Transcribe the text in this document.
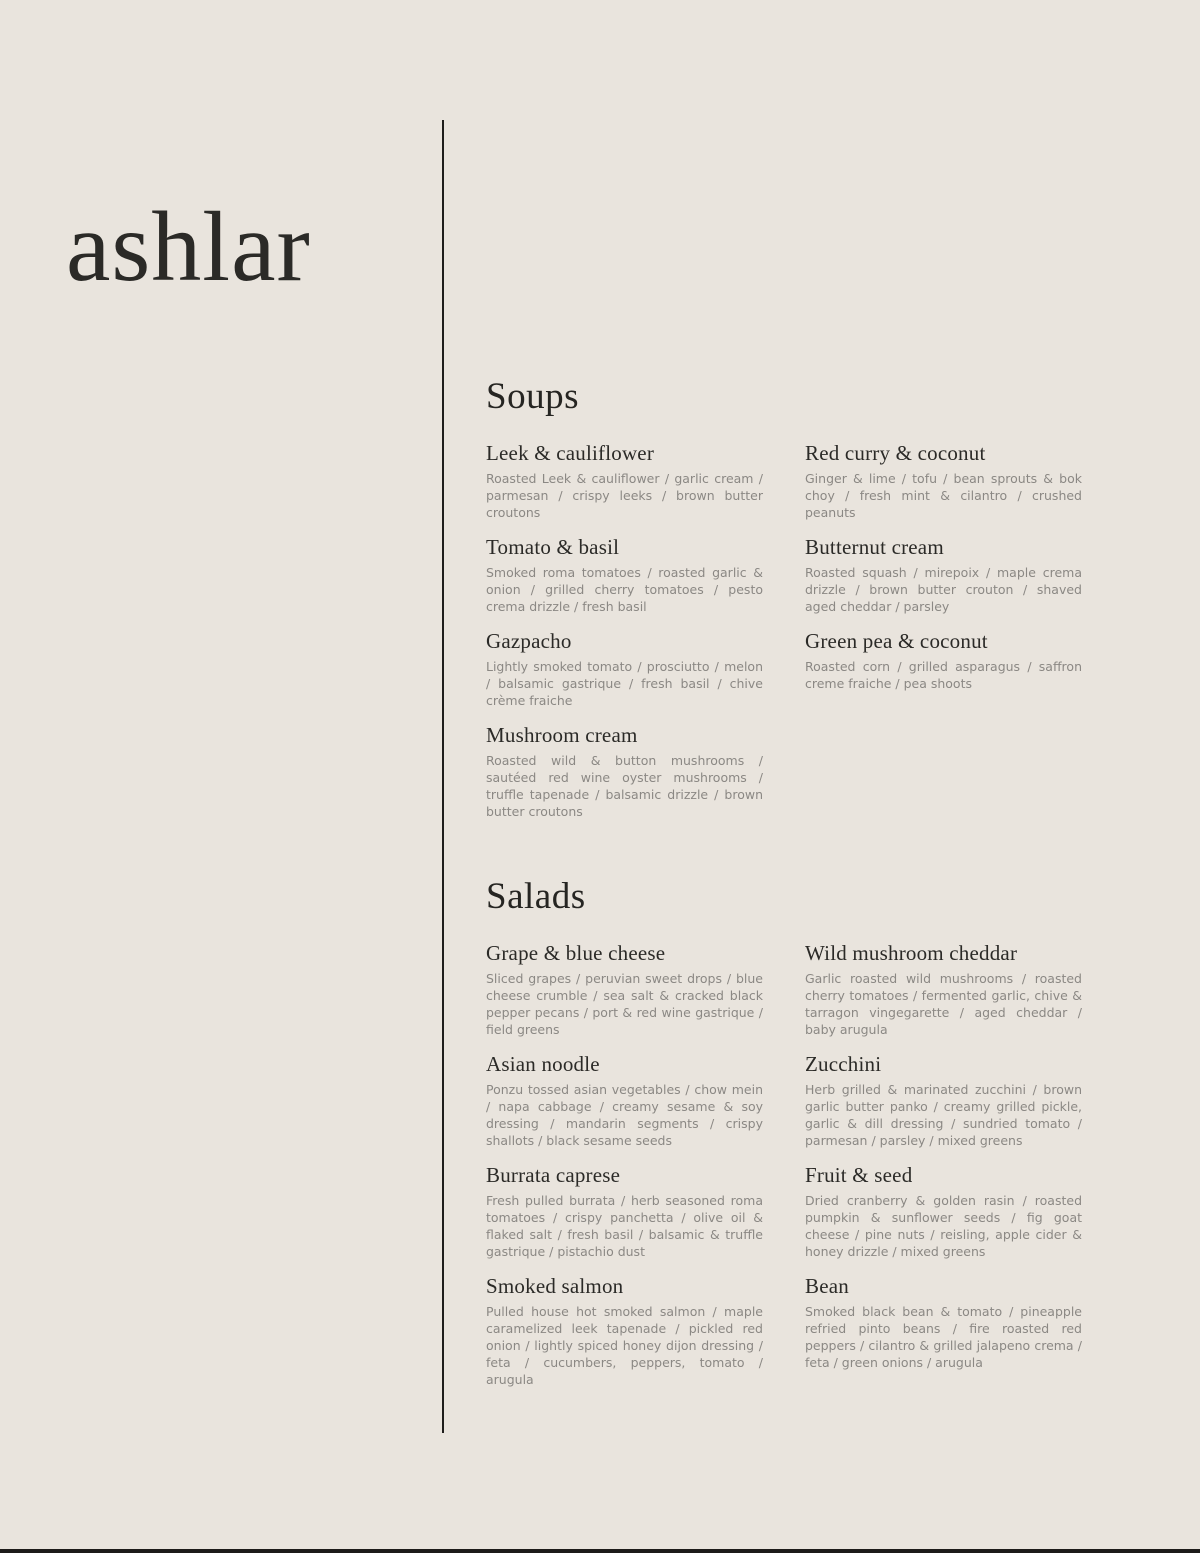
ashlar
Soups
Leek & cauliflower

Roasted Leek & cauliflower / garlic cream / parmesan / crispy leeks / brown butter croutons

Red curry & coconut

Ginger & lime / tofu / bean sprouts & bok choy / fresh mint & cilantro / crushed peanuts

Tomato & basil

Smoked roma tomatoes / roasted garlic & onion / grilled cherry tomatoes / pesto crema drizzle / fresh basil

Butternut cream

Roasted squash / mirepoix / maple crema drizzle / brown butter crouton / shaved aged cheddar / parsley

Gazpacho

Lightly smoked tomato / prosciutto / melon / balsamic gastrique / fresh basil / chive crème fraiche

Green pea & coconut

Roasted corn / grilled asparagus / saffron creme fraiche / pea shoots

Mushroom cream

Roasted wild & button mushrooms / sautéed red wine oyster mushrooms / truffle tapenade / balsamic drizzle / brown butter croutons

Salads
Grape & blue cheese

Sliced grapes / peruvian sweet drops / blue cheese crumble / sea salt & cracked black pepper pecans / port & red wine gastrique / field greens

Wild mushroom cheddar

Garlic roasted wild mushrooms / roasted cherry tomatoes / fermented garlic, chive & tarragon vingegarette / aged cheddar / baby arugula

Asian noodle

Ponzu tossed asian vegetables / chow mein / napa cabbage / creamy sesame & soy dressing / mandarin segments / crispy shallots / black sesame seeds

Zucchini

Herb grilled & marinated zucchini / brown garlic butter panko / creamy grilled pickle, garlic & dill dressing / sundried tomato / parmesan / parsley / mixed greens

Burrata caprese

Fresh pulled burrata / herb seasoned roma tomatoes / crispy panchetta / olive oil & flaked salt / fresh basil / balsamic & truffle gastrique / pistachio dust

Fruit & seed

Dried cranberry & golden rasin / roasted pumpkin & sunflower seeds / fig goat cheese / pine nuts / reisling, apple cider & honey drizzle / mixed greens

Smoked salmon

Pulled house hot smoked salmon / maple caramelized leek tapenade / pickled red onion / lightly spiced honey dijon dressing / feta / cucumbers, peppers, tomato / arugula

Bean

Smoked black bean & tomato / pineapple refried pinto beans / fire roasted red peppers / cilantro & grilled jalapeno crema / feta / green onions / arugula
